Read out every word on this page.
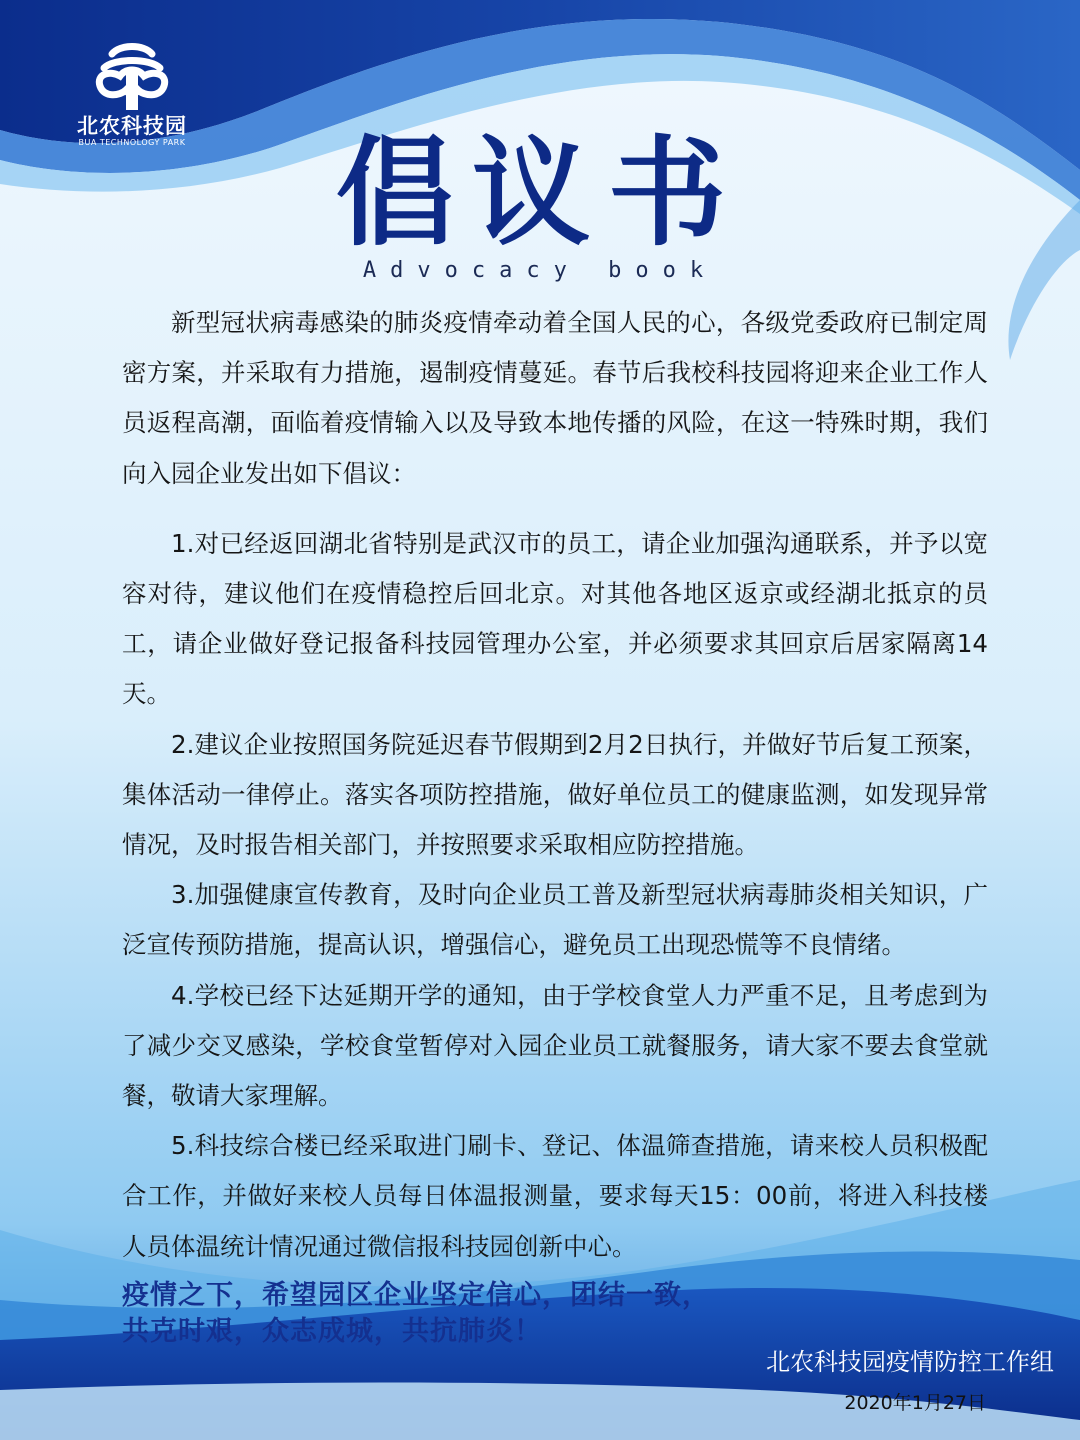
北农科技园
BUA TECHNOLOGY PARK	倡议书
Advocacy book

新型冠状病毒感染的肺炎疫情牵动着全国人民的心，各级党委政府已制定周密方案，并采取有力措施，遏制疫情蔓延。春节后我校科技园将迎来企业工作人员返程高潮，面临着疫情输入以及导致本地传播的风险，在这一特殊时期，我们向入园企业发出如下倡议：

1.对已经返回湖北省特别是武汉市的员工，请企业加强沟通联系，并予以宽容对待，建议他们在疫情稳控后回北京。对其他各地区返京或经湖北抵京的员工，请企业做好登记报备科技园管理办公室，并必须要求其回京后居家隔离14天。

2.建议企业按照国务院延迟春节假期到2月2日执行，并做好节后复工预案，集体活动一律停止。落实各项防控措施，做好单位员工的健康监测，如发现异常情况，及时报告相关部门，并按照要求采取相应防控措施。

3.加强健康宣传教育，及时向企业员工普及新型冠状病毒肺炎相关知识，广泛宣传预防措施，提高认识，增强信心，避免员工出现恐慌等不良情绪。

4.学校已经下达延期开学的通知，由于学校食堂人力严重不足，且考虑到为了减少交叉感染，学校食堂暂停对入园企业员工就餐服务，请大家不要去食堂就餐，敬请大家理解。

5.科技综合楼已经采取进门刷卡、登记、体温筛查措施，请来校人员积极配合工作，并做好来校人员每日体温报测量，要求每天15：00前，将进入科技楼人员体温统计情况通过微信报科技园创新中心。

疫情之下，希望园区企业坚定信心，团结一致，
共克时艰，众志成城，共抗肺炎！
北农科技园疫情防控工作组
2020年1月27日
